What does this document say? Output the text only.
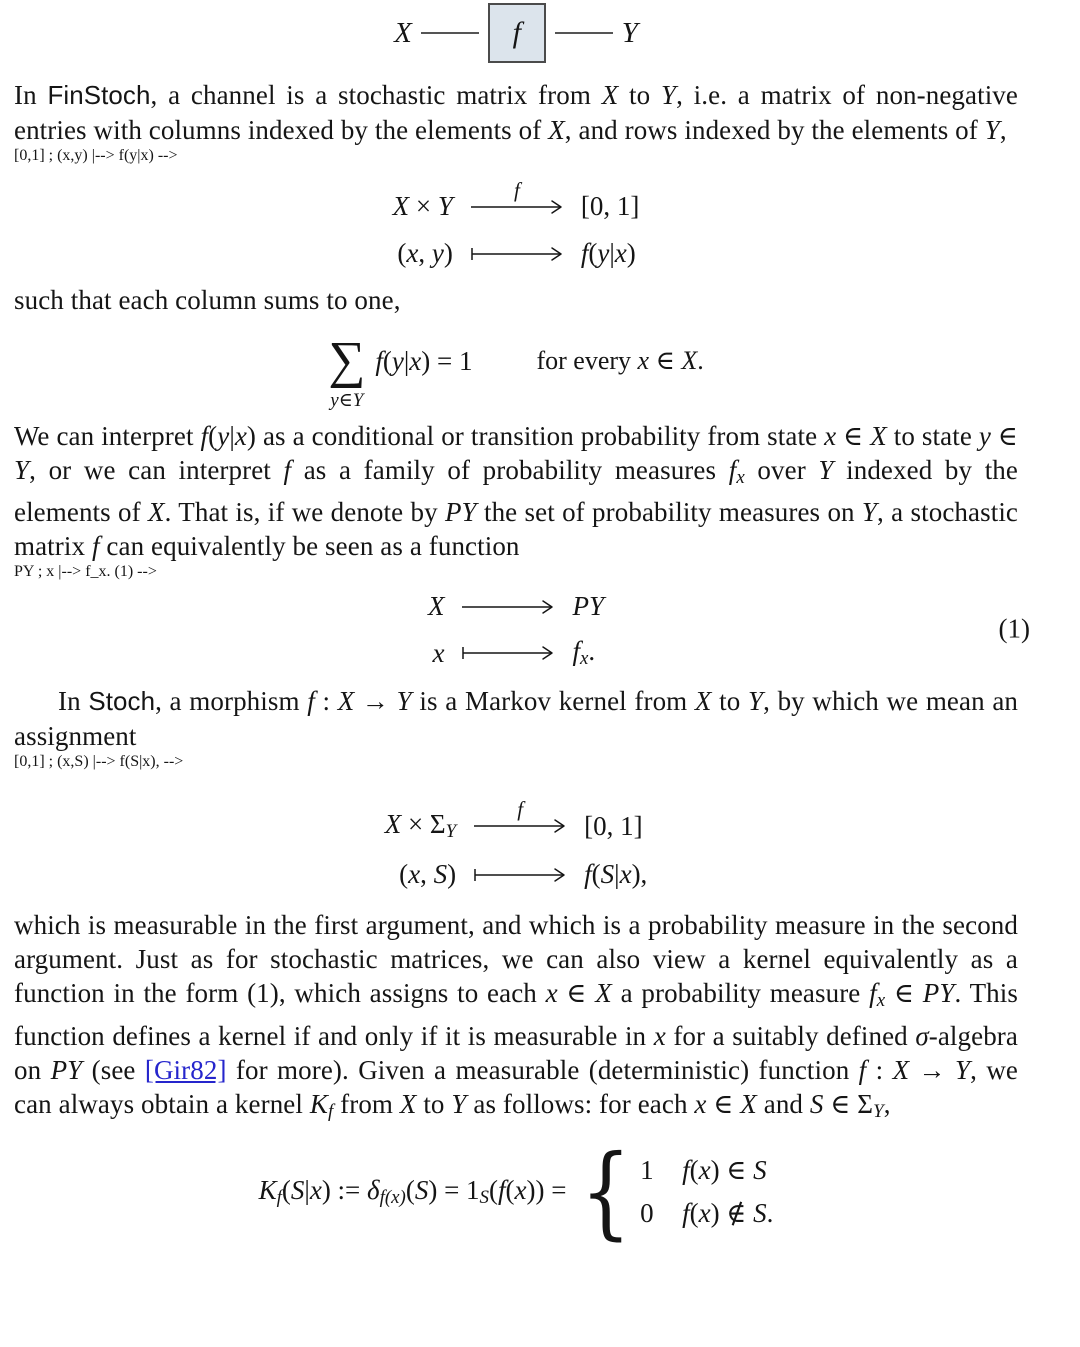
X	f	Y

In FinStoch, a channel is a stochastic matrix from X to Y, i.e. a matrix of non-negative entries with columns indexed by the elements of X, and rows indexed by the elements of Y,

[0,1] ; (x,y) |--> f(y|x) -->
X × Y
f
[0, 1]
(x, y)	f(y|x)

such that each column sums to one,

∑
y∈Y
f(y|x) = 1 for every x ∈ X.

We can interpret f(y|x) as a conditional or transition probability from state x ∈ X to state y ∈ Y, or we can interpret f as a family of probability measures fx over Y indexed by the elements of X. That is, if we denote by PY the set of probability measures on Y, a stochastic matrix f can equivalently be seen as a function

PY ; x |--> f_x. (1) -->
X	PY
x	fx.
(1)

In Stoch, a morphism f : X → Y is a Markov kernel from X to Y, by which we mean an assignment

[0,1] ; (x,S) |--> f(S|x), -->
X × ΣY
f
[0, 1]
(x, S)	f(S|x),

which is measurable in the first argument, and which is a probability measure in the second argument. Just as for stochastic matrices, we can also view a kernel equivalently as a function in the form (1), which assigns to each x ∈ X a probability measure fx ∈ PY. This function defines a kernel if and only if it is measurable in x for a suitably defined σ-algebra on PY (see [Gir82] for more). Given a measurable (deterministic) function f : X → Y, we can always obtain a kernel Kf from X to Y as follows: for each x ∈ X and S ∈ ΣY,

Kf(S|x) := δf(x)(S) = 1S(f(x)) = { 1	f(x) ∈ S
0	f(x) ∉ S.
